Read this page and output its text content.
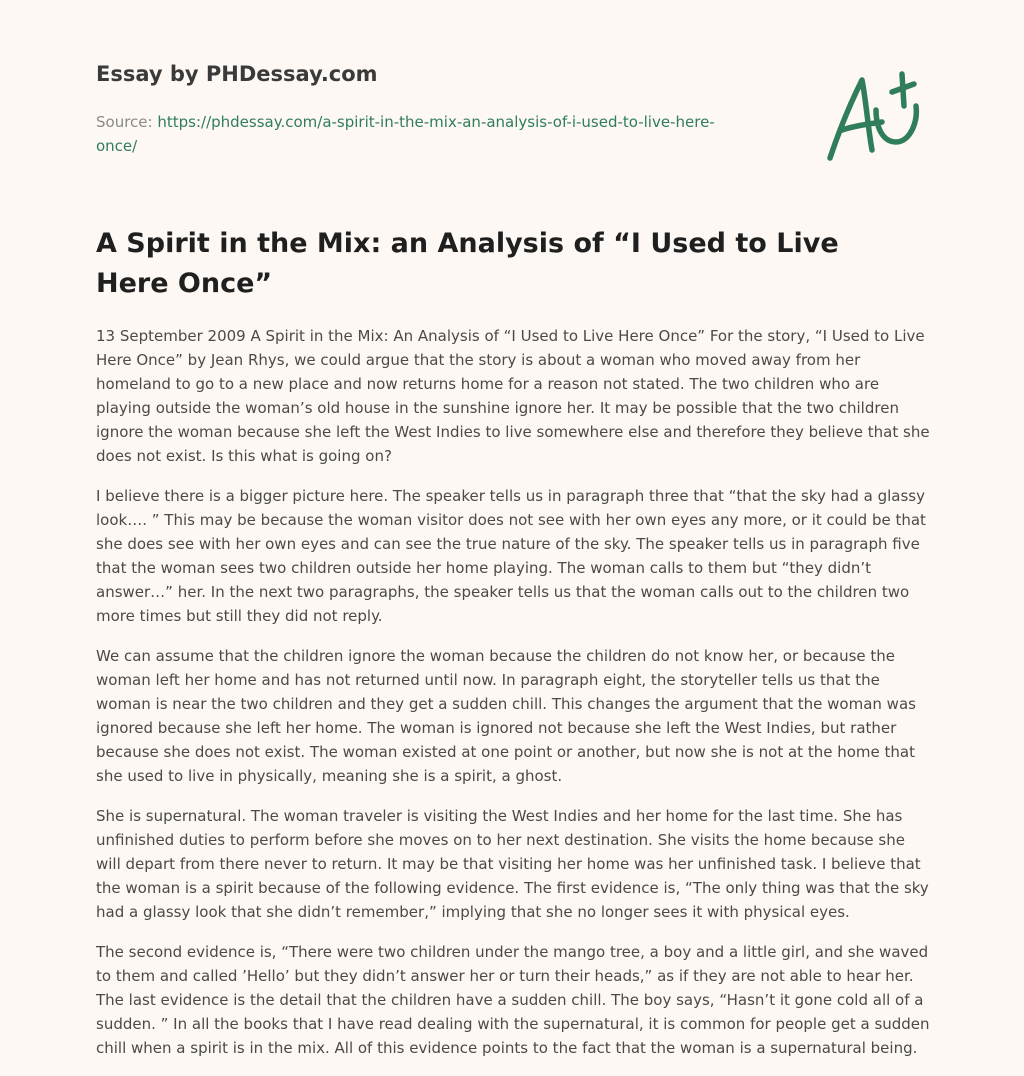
Essay by PHDessay.com

Source: https://phdessay.com/a-spirit-in-the-mix-an-analysis-of-i-used-to-live-here-once/
A Spirit in the Mix: an Analysis of “I Used to Live Here Once”

13 September 2009 A Spirit in the Mix: An Analysis of “I Used to Live Here Once” For the story, “I Used to Live Here Once” by Jean Rhys, we could argue that the story is about a woman who moved away from her homeland to go to a new place and now returns home for a reason not stated. The two children who are playing outside the woman’s old house in the sunshine ignore her. It may be possible that the two children ignore the woman because she left the West Indies to live somewhere else and therefore they believe that she does not exist. Is this what is going on?

I believe there is a bigger picture here. The speaker tells us in paragraph three that “that the sky had a glassy look…. ” This may be because the woman visitor does not see with her own eyes any more, or it could be that she does see with her own eyes and can see the true nature of the sky. The speaker tells us in paragraph five that the woman sees two children outside her home playing. The woman calls to them but “they didn’t answer…” her. In the next two paragraphs, the speaker tells us that the woman calls out to the children two more times but still they did not reply.

We can assume that the children ignore the woman because the children do not know her, or because the woman left her home and has not returned until now. In paragraph eight, the storyteller tells us that the woman is near the two children and they get a sudden chill. This changes the argument that the woman was ignored because she left her home. The woman is ignored not because she left the West Indies, but rather because she does not exist. The woman existed at one point or another, but now she is not at the home that she used to live in physically, meaning she is a spirit, a ghost.

She is supernatural. The woman traveler is visiting the West Indies and her home for the last time. She has unfinished duties to perform before she moves on to her next destination. She visits the home because she will depart from there never to return. It may be that visiting her home was her unfinished task. I believe that the woman is a spirit because of the following evidence. The first evidence is, “The only thing was that the sky had a glassy look that she didn’t remember,” implying that she no longer sees it with physical eyes.

The second evidence is, “There were two children under the mango tree, a boy and a little girl, and she waved to them and called ’Hello’ but they didn’t answer her or turn their heads,” as if they are not able to hear her. The last evidence is the detail that the children have a sudden chill. The boy says, “Hasn’t it gone cold all of a sudden. ” In all the books that I have read dealing with the supernatural, it is common for people get a sudden chill when a spirit is in the mix. All of this evidence points to the fact that the woman is a supernatural being.
